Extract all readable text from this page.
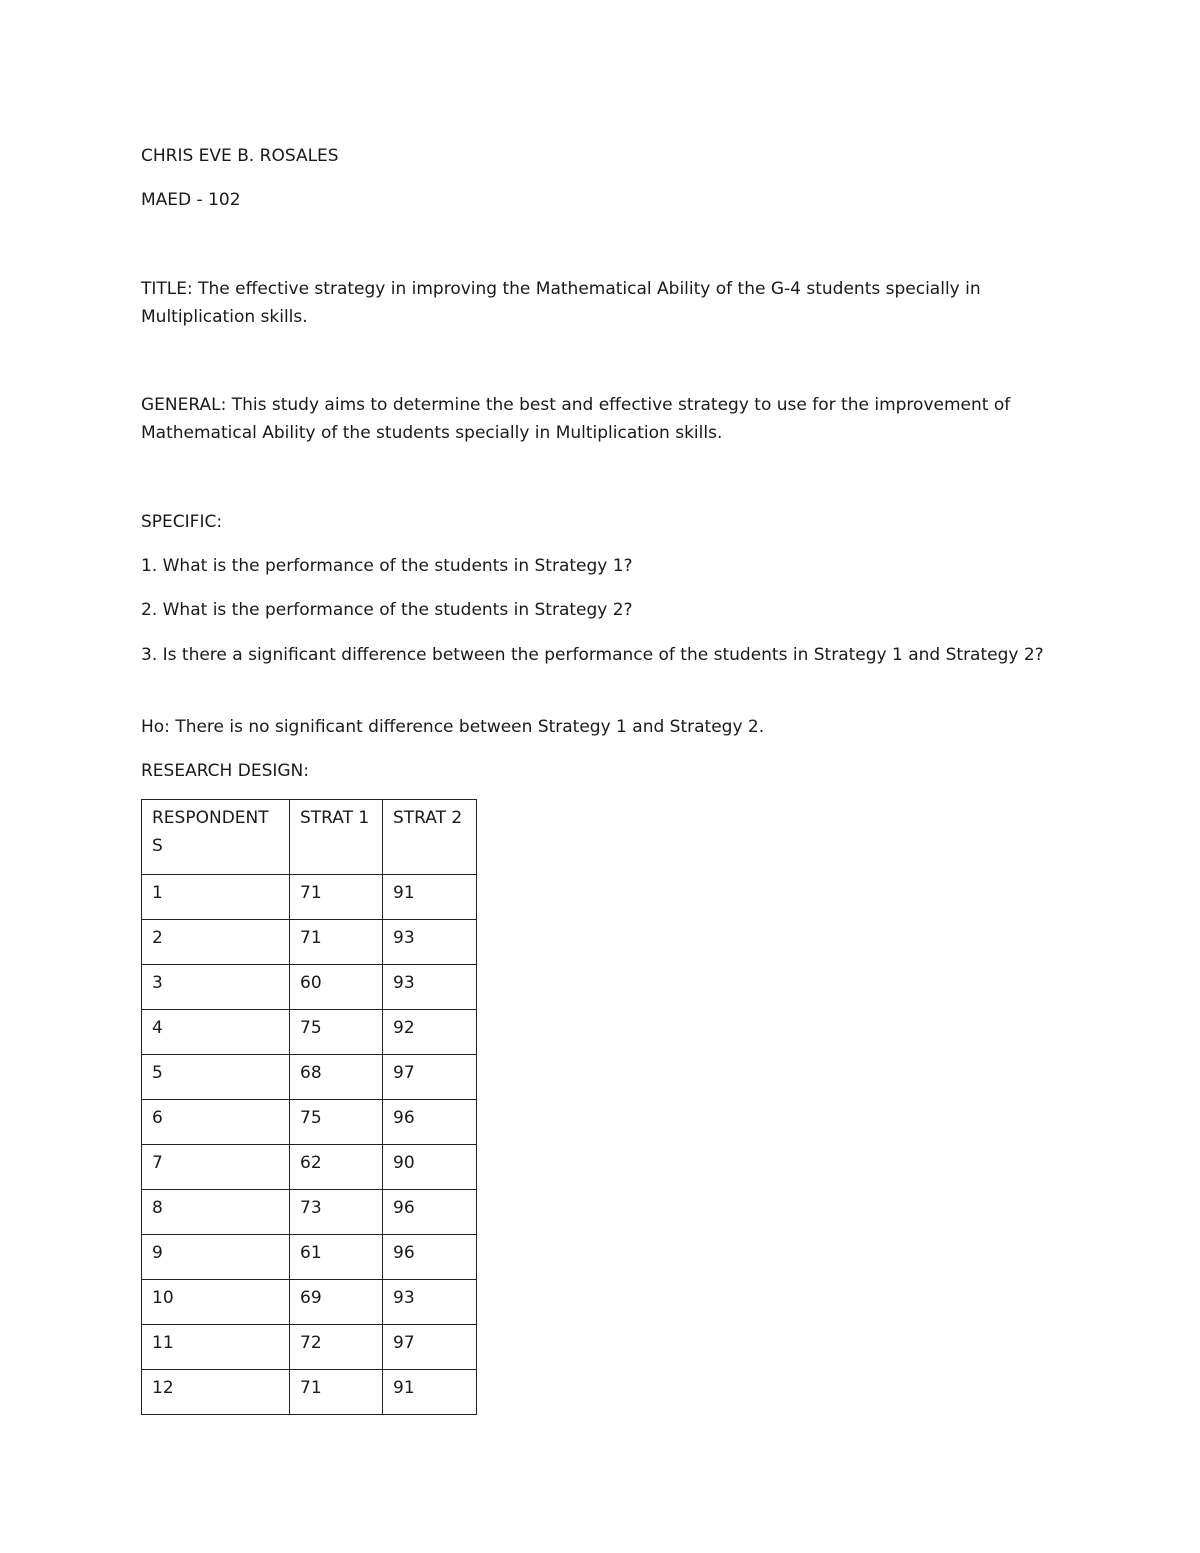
CHRIS EVE B. ROSALES
MAED - 102
TITLE: The effective strategy in improving the Mathematical Ability of the G-4 students specially in Multiplication skills.
GENERAL: This study aims to determine the best and effective strategy to use for the improvement of Mathematical Ability of the students specially in Multiplication skills.
SPECIFIC:
1. What is the performance of the students in Strategy 1?
2. What is the performance of the students in Strategy 2?
3. Is there a significant difference between the performance of the students in Strategy 1 and Strategy 2?
Ho: There is no significant difference between Strategy 1 and Strategy 2.
RESEARCH DESIGN:
RESPONDENTS	STRAT 1	STRAT 2
1	71	91
2	71	93
3	60	93
4	75	92
5	68	97
6	75	96
7	62	90
8	73	96
9	61	96
10	69	93
11	72	97
12	71	91
